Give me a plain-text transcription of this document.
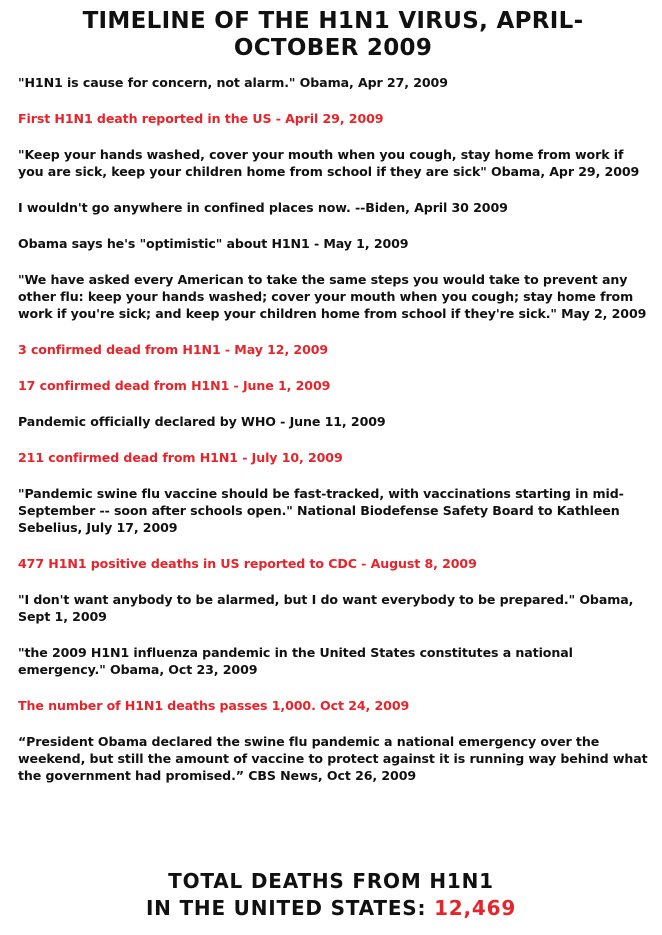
TIMELINE OF THE H1N1 VIRUS, APRIL-OCTOBER 2009

"H1N1 is cause for concern, not alarm." Obama, Apr 27, 2009

First H1N1 death reported in the US - April 29, 2009

"Keep your hands washed, cover your mouth when you cough, stay home from work if you are sick, keep your children home from school if they are sick" Obama, Apr 29, 2009

I wouldn't go anywhere in confined places now. --Biden, April 30 2009

Obama says he's "optimistic" about H1N1 - May 1, 2009

"We have asked every American to take the same steps you would take to prevent any other flu: keep your hands washed; cover your mouth when you cough; stay home from work if you're sick; and keep your children home from school if they're sick." May 2, 2009

3 confirmed dead from H1N1 - May 12, 2009

17 confirmed dead from H1N1 - June 1, 2009

Pandemic officially declared by WHO - June 11, 2009

211 confirmed dead from H1N1 - July 10, 2009

"Pandemic swine flu vaccine should be fast-tracked, with vaccinations starting in mid-September -- soon after schools open." National Biodefense Safety Board to Kathleen Sebelius, July 17, 2009

477 H1N1 positive deaths in US reported to CDC - August 8, 2009

"I don't want anybody to be alarmed, but I do want everybody to be prepared." Obama, Sept 1, 2009

"the 2009 H1N1 influenza pandemic in the United States constitutes a national emergency." Obama, Oct 23, 2009

The number of H1N1 deaths passes 1,000. Oct 24, 2009

“President Obama declared the swine flu pandemic a national emergency over the weekend, but still the amount of vaccine to protect against it is running way behind what the government had promised.” CBS News, Oct 26, 2009

TOTAL DEATHS FROM H1N1
IN THE UNITED STATES: 12,469
